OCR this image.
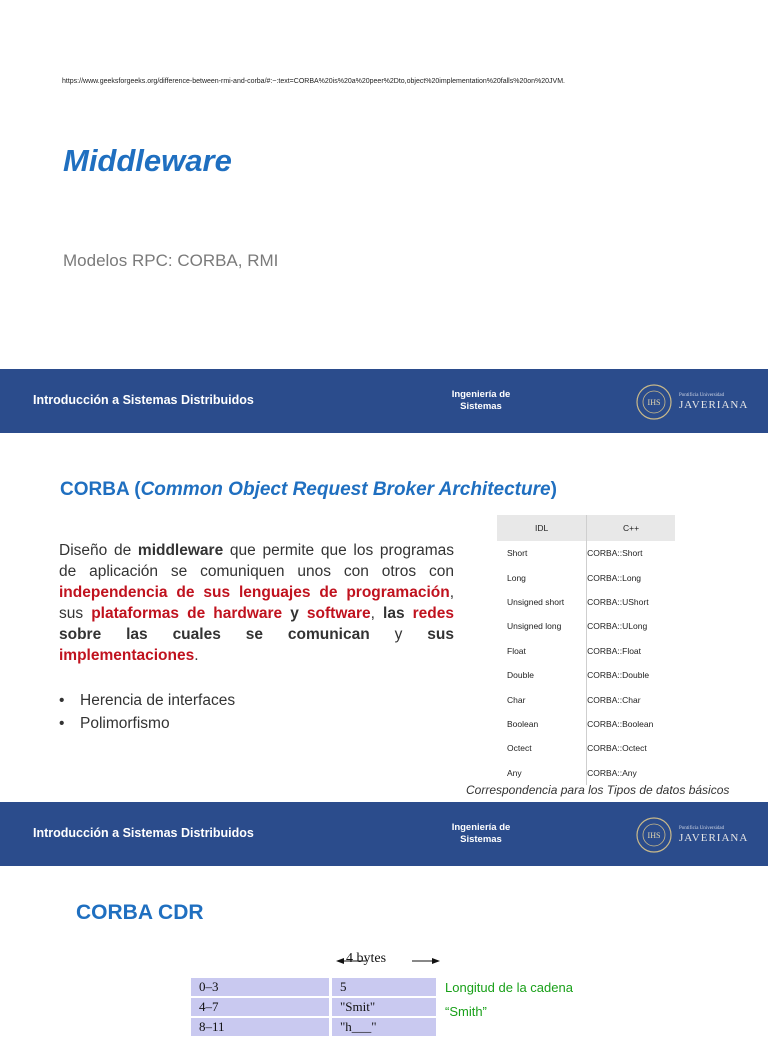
https://www.geeksforgeeks.org/difference-between-rmi-and-corba/#:~:text=CORBA%20is%20a%20peer%2Dto,object%20implementation%20falls%20on%20JVM.
Middleware
Modelos RPC: CORBA, RMI
Introducción a Sistemas Distribuidos	Ingeniería de
Sistemas	IHS
Pontificia Universidad
JAVERIANA
CORBA (Common Object Request Broker Architecture)
Diseño de middleware que permite que los programas de aplicación se comuniquen unos con otros con independencia de sus lenguajes de programación, sus plataformas de hardware y software, las redes sobre las cuales se comunican y sus implementaciones.
• Herencia de interfaces
• Polimorfismo
IDL	C++
Short	CORBA::Short
Long	CORBA::Long
Unsigned short	CORBA::UShort
Unsigned long	CORBA::ULong
Float	CORBA::Float
Double	CORBA::Double
Char	CORBA::Char
Boolean	CORBA::Boolean
Octect	CORBA::Octect
Any	CORBA::Any
Correspondencia para los Tipos de datos básicos
Introducción a Sistemas Distribuidos	Ingeniería de
Sistemas	IHS
Pontificia Universidad
JAVERIANA
CORBA CDR
4 bytes
0–3	5
4–7	"Smit"
8–11	"h___"
Longitud de la cadena
“Smith”
